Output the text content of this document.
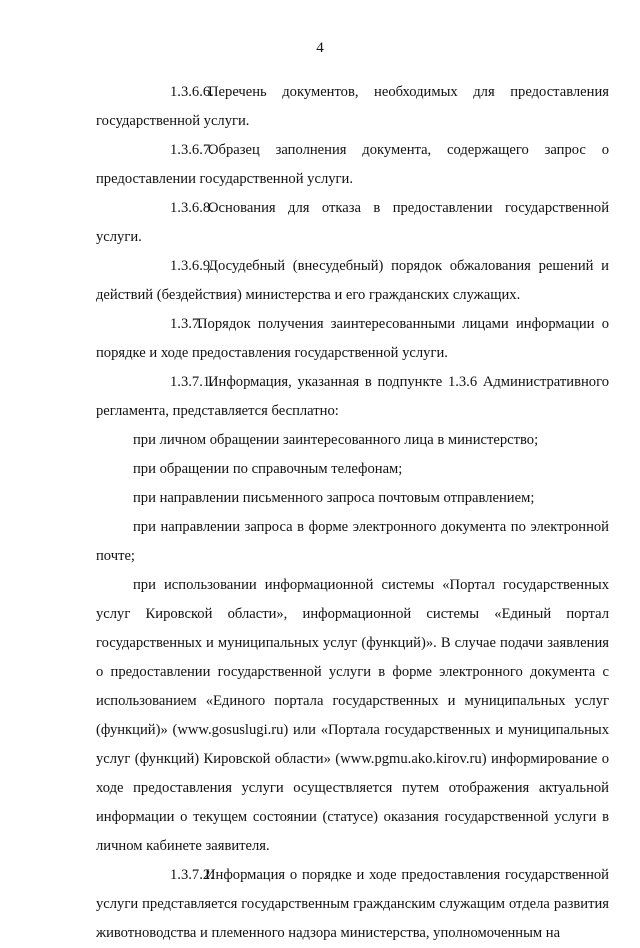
4

1.3.6.6.Перечень документов, необходимых для предоставления государственной услуги.

1.3.6.7.Образец заполнения документа, содержащего запрос о предоставлении государственной услуги.

1.3.6.8.Основания для отказа в предоставлении государственной услуги.

1.3.6.9.Досудебный (внесудебный) порядок обжалования решений и действий (бездействия) министерства и его гражданских служащих.

1.3.7.Порядок получения заинтересованными лицами информации о порядке и ходе предоставления государственной услуги.

1.3.7.1.Информация, указанная в подпункте 1.3.6 Административного регламента, представляется бесплатно:

при личном обращении заинтересованного лица в министерство;

при обращении по справочным телефонам;

при направлении письменного запроса почтовым отправлением;

при направлении запроса в форме электронного документа по электронной почте;

при использовании информационной системы «Портал государственных услуг Кировской области», информационной системы «Единый портал государственных и муниципальных услуг (функций)». В случае подачи заявления о предоставлении государственной услуги в форме электронного документа с использованием «Единого портала государственных и муниципальных услуг (функций)» (www.gosuslugi.ru) или «Портала государственных и муниципальных услуг (функций) Кировской области» (www.pgmu.ako.kirov.ru) информирование о ходе предоставления услуги осуществляется путем отображения актуальной информации о текущем состоянии (статусе) оказания государственной услуги в личном кабинете заявителя.

1.3.7.2.Информация о порядке и ходе предоставления государственной услуги представляется государственным гражданским служащим отдела развития животноводства и племенного надзора министерства, уполномоченным на
